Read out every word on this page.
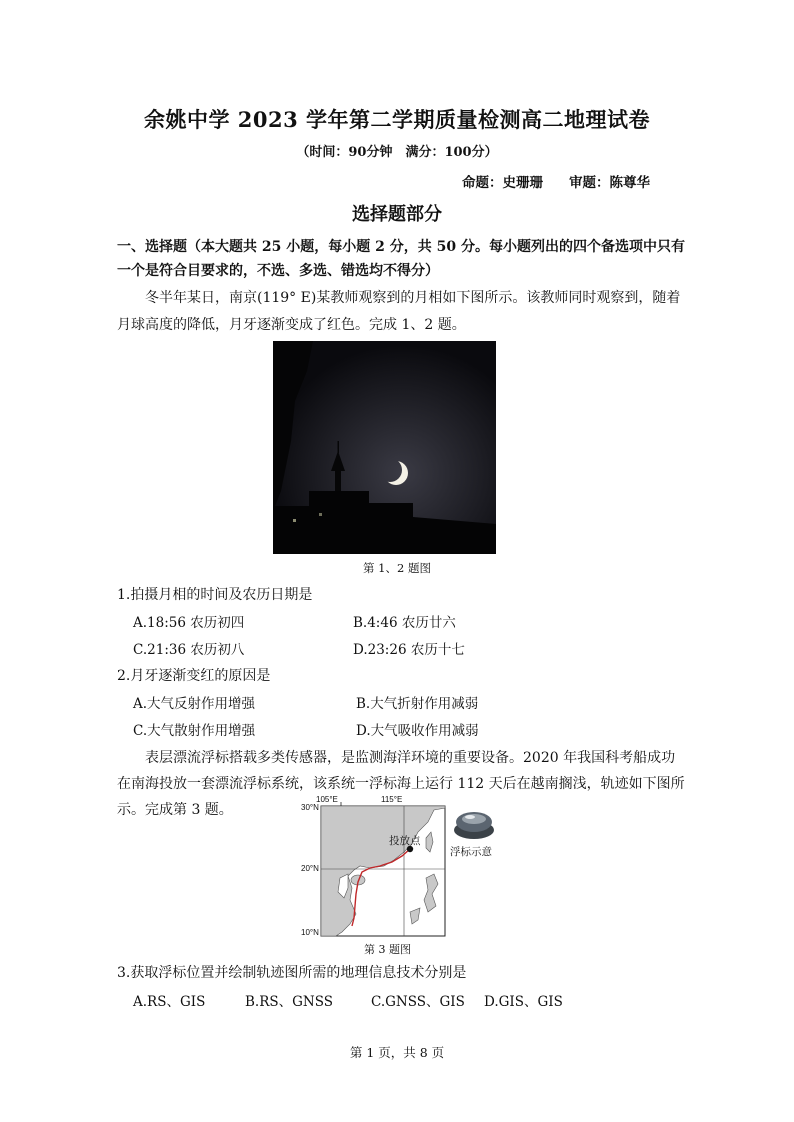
余姚中学 2023 学年第二学期质量检测高二地理试卷
（时间：90分钟　满分：100分）
命题：史珊珊 审题：陈尊华
选择题部分
一、选择题（本大题共 25 小题，每小题 2 分，共 50 分。每小题列出的四个备选项中只有
一个是符合目要求的，不选、多选、错选均不得分）
冬半年某日，南京(119° E)某教师观察到的月相如下图所示。该教师同时观察到，随着
月球高度的降低，月牙逐渐变成了红色。完成 1、2 题。
第 1、2 题图
1.拍摄月相的时间及农历日期是
A.18:56 农历初四	B.4:46 农历廿六
C.21:36 农历初八	D.23:26 农历十七
2.月牙逐渐变红的原因是
A.大气反射作用增强	B.大气折射作用减弱
C.大气散射作用增强	D.大气吸收作用减弱
表层漂流浮标搭载多类传感器，是监测海洋环境的重要设备。2020 年我国科考船成功
在南海投放一套漂流浮标系统，该系统一浮标海上运行 112 天后在越南搁浅，轨迹如下图所
示。完成第 3 题。
105°E	115°E
30°N
20°N
10°N
投放点
浮标示意
第 3 题图
3.获取浮标位置并绘制轨迹图所需的地理信息技术分别是
A.RS、GIS	B.RS、GNSS	C.GNSS、GIS D.GIS、GIS
第 1 页，共 8 页
